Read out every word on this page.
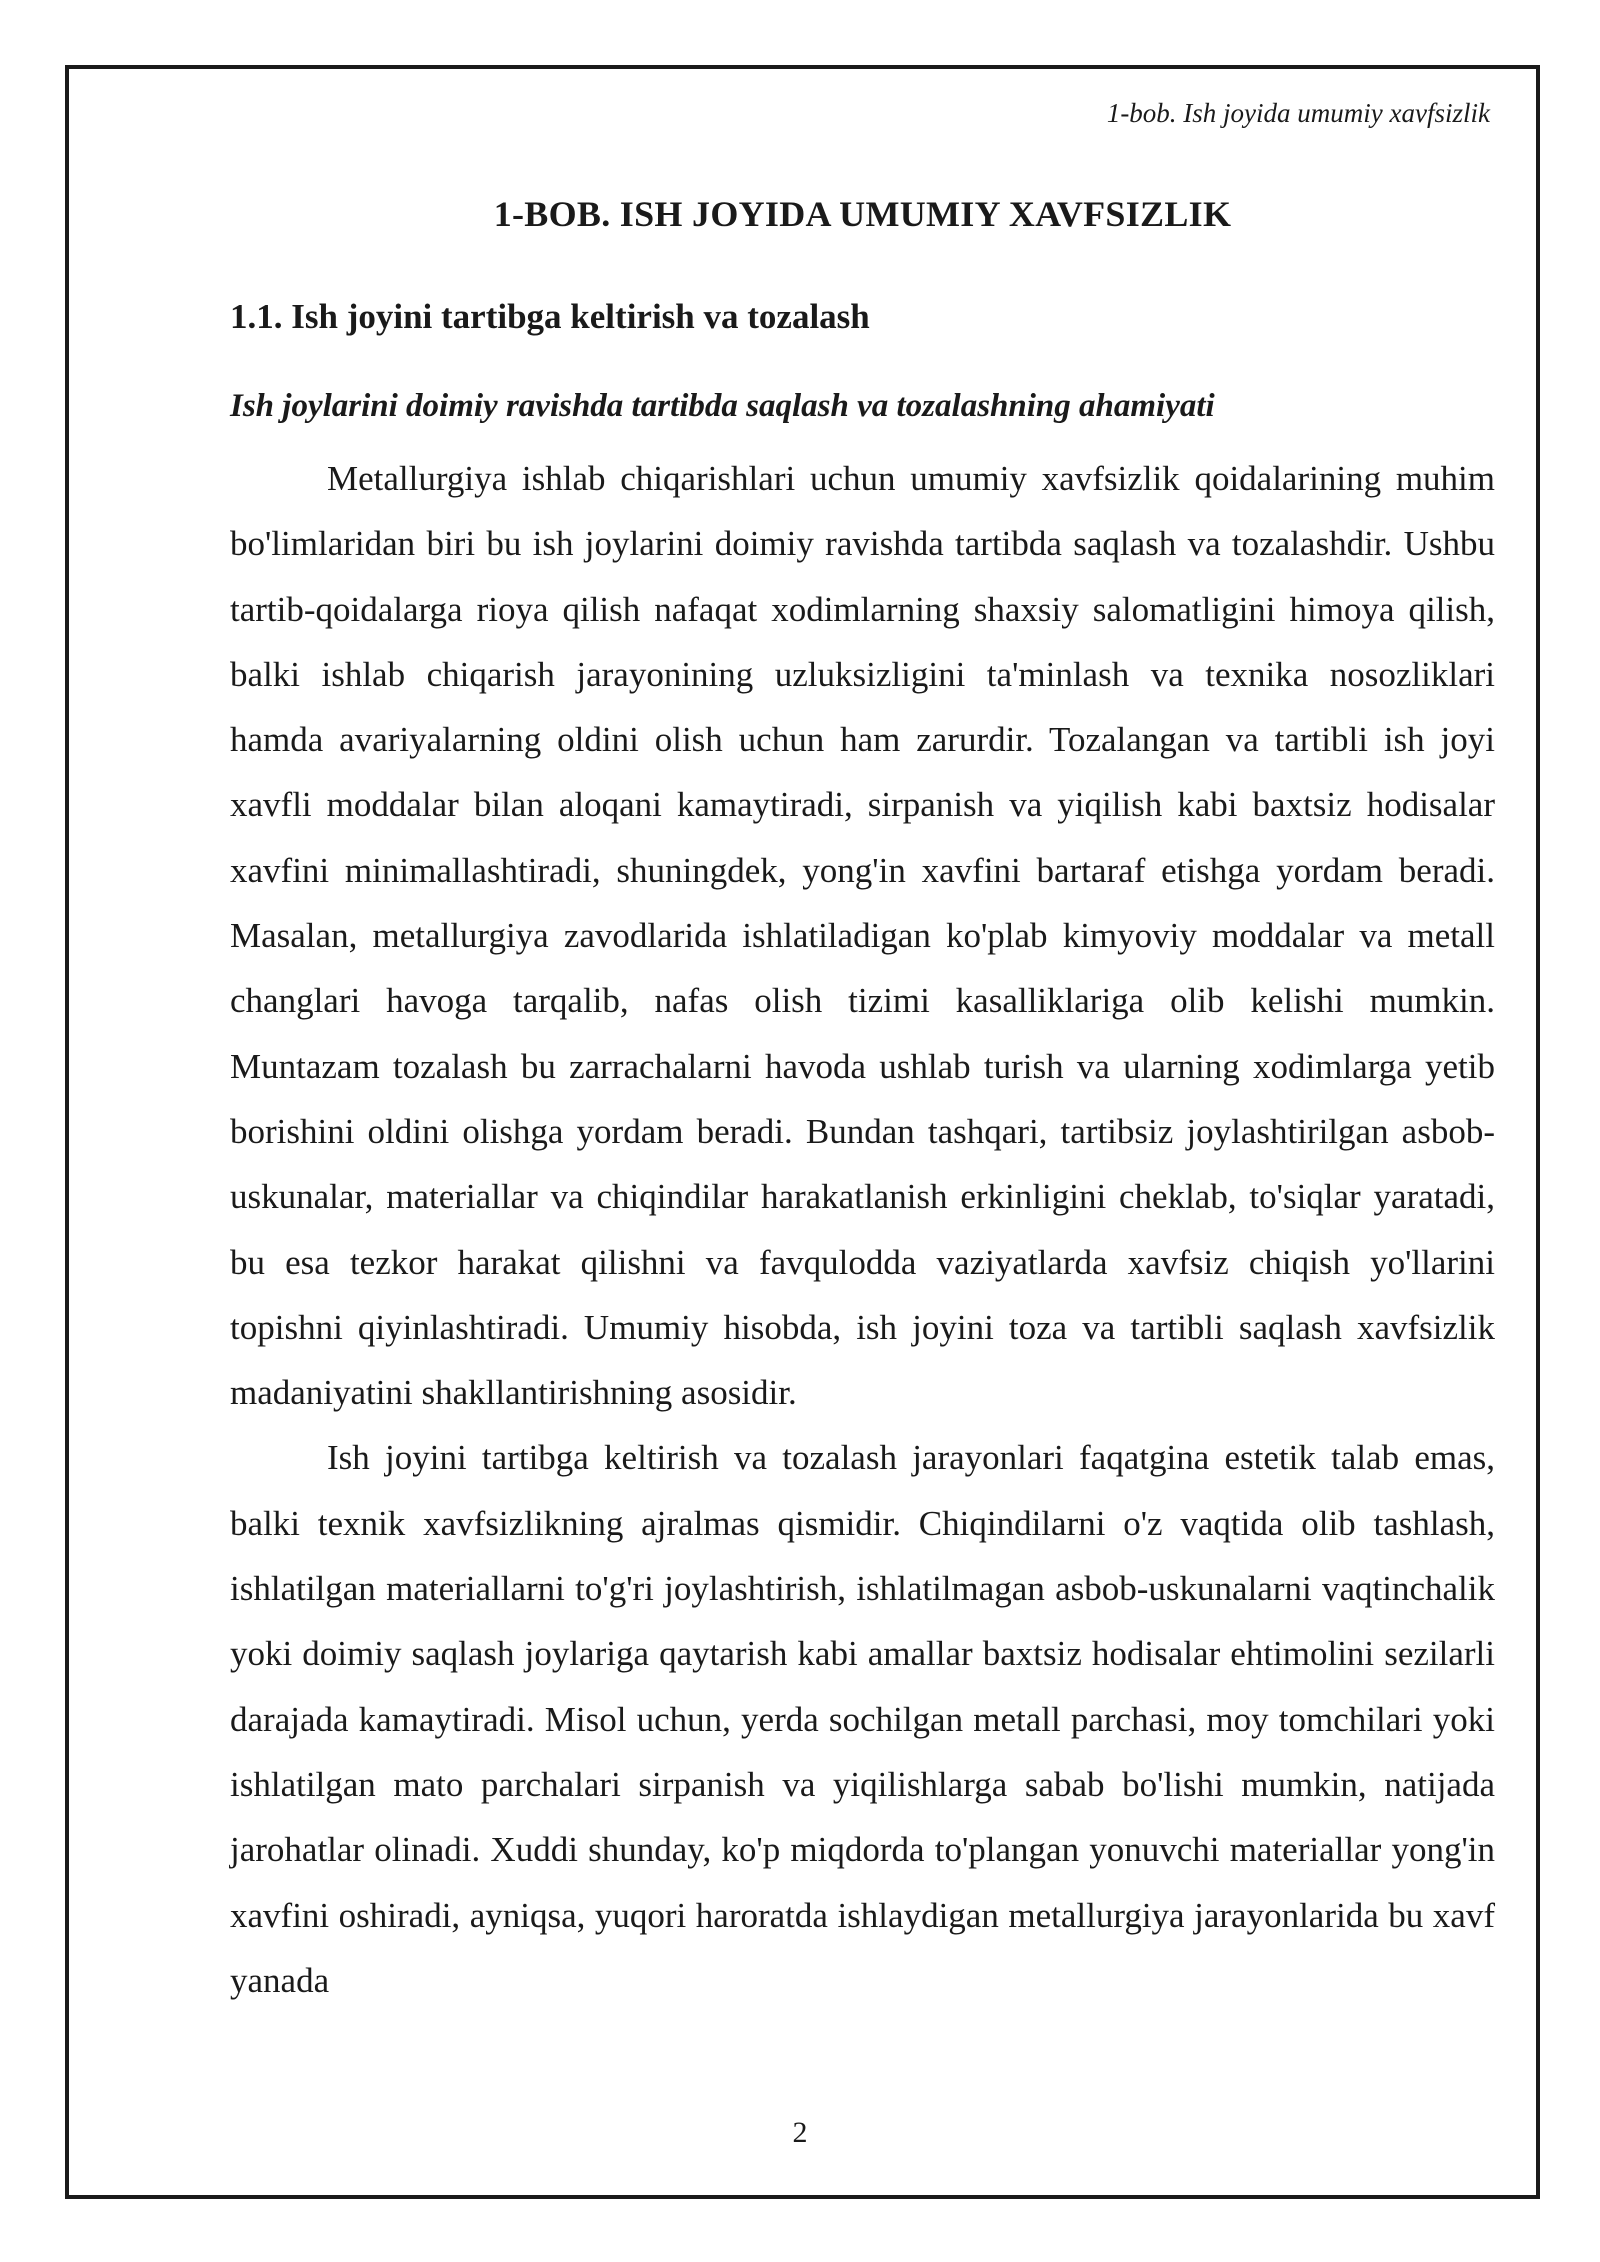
1-bob. Ish joyida umumiy xavfsizlik

1-BOB. ISH JOYIDA UMUMIY XAVFSIZLIK
1.1. Ish joyini tartibga keltirish va tozalash
Ish joylarini doimiy ravishda tartibda saqlash va tozalashning ahamiyati

Metallurgiya ishlab chiqarishlari uchun umumiy xavfsizlik qoidalarining muhim bo'limlaridan biri bu ish joylarini doimiy ravishda tartibda saqlash va tozalashdir. Ushbu tartib-qoidalarga rioya qilish nafaqat xodimlarning shaxsiy salomatligini himoya qilish, balki ishlab chiqarish jarayonining uzluksizligini ta'minlash va texnika nosozliklari hamda avariyalarning oldini olish uchun ham zarurdir. Tozalangan va tartibli ish joyi xavfli moddalar bilan aloqani kamaytiradi, sirpanish va yiqilish kabi baxtsiz hodisalar xavfini minimallashtiradi, shuningdek, yong'in xavfini bartaraf etishga yordam beradi. Masalan, metallurgiya zavodlarida ishlatiladigan ko'plab kimyoviy moddalar va metall changlari havoga tarqalib, nafas olish tizimi kasalliklariga olib kelishi mumkin. Muntazam tozalash bu zarrachalarni havoda ushlab turish va ularning xodimlarga yetib borishini oldini olishga yordam beradi. Bundan tashqari, tartibsiz joylashtirilgan asbob-uskunalar, materiallar va chiqindilar harakatlanish erkinligini cheklab, to'siqlar yaratadi, bu esa tezkor harakat qilishni va favqulodda vaziyatlarda xavfsiz chiqish yo'llarini topishni qiyinlashtiradi. Umumiy hisobda, ish joyini toza va tartibli saqlash xavfsizlik madaniyatini shakllantirishning asosidir.

Ish joyini tartibga keltirish va tozalash jarayonlari faqatgina estetik talab emas, balki texnik xavfsizlikning ajralmas qismidir. Chiqindilarni o'z vaqtida olib tashlash, ishlatilgan materiallarni to'g'ri joylashtirish, ishlatilmagan asbob-uskunalarni vaqtinchalik yoki doimiy saqlash joylariga qaytarish kabi amallar baxtsiz hodisalar ehtimolini sezilarli darajada kamaytiradi. Misol uchun, yerda sochilgan metall parchasi, moy tomchilari yoki ishlatilgan mato parchalari sirpanish va yiqilishlarga sabab bo'lishi mumkin, natijada jarohatlar olinadi. Xuddi shunday, ko'p miqdorda to'plangan yonuvchi materiallar yong'in xavfini oshiradi, ayniqsa, yuqori haroratda ishlaydigan metallurgiya jarayonlarida bu xavf yanada

2
